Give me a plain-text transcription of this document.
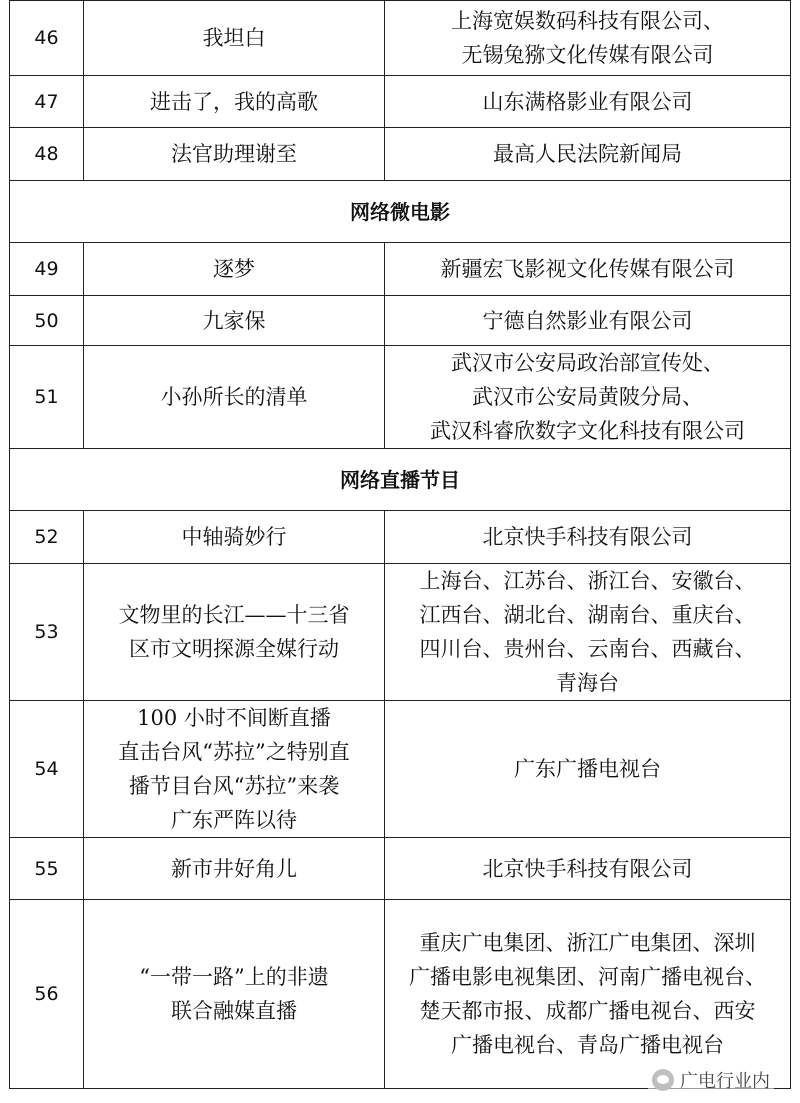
46	我坦白	上海宽娱数码科技有限公司、
无锡兔猕文化传媒有限公司

47	进击了，我的高歌	山东满格影业有限公司

48	法官助理谢至	最高人民法院新闻局

网络微电影		
49	逐梦	新疆宏飞影视文化传媒有限公司

50	九家保	宁德自然影业有限公司

51	小孙所长的清单	武汉市公安局政治部宣传处、
武汉市公安局黄陂分局、
武汉科睿欣数字文化科技有限公司

网络直播节目		
52	中轴骑妙行	北京快手科技有限公司

53	文物里的长江——十三省
区市文明探源全媒行动	上海台、江苏台、浙江台、安徽台、
江西台、湖北台、湖南台、重庆台、
四川台、贵州台、云南台、西藏台、
青海台

54	100 小时不间断直播
直击台风“苏拉”之特别直
播节目台风“苏拉”来袭
广东严阵以待	广东广播电视台

55	新市井好角儿	北京快手科技有限公司

56	“一带一路”上的非遗
联合融媒直播	重庆广电集团、浙江广电集团、深圳
广播电影电视集团、河南广播电视台、
楚天都市报、成都广播电视台、西安
广播电视台、青岛广播电视台
广电行业内
